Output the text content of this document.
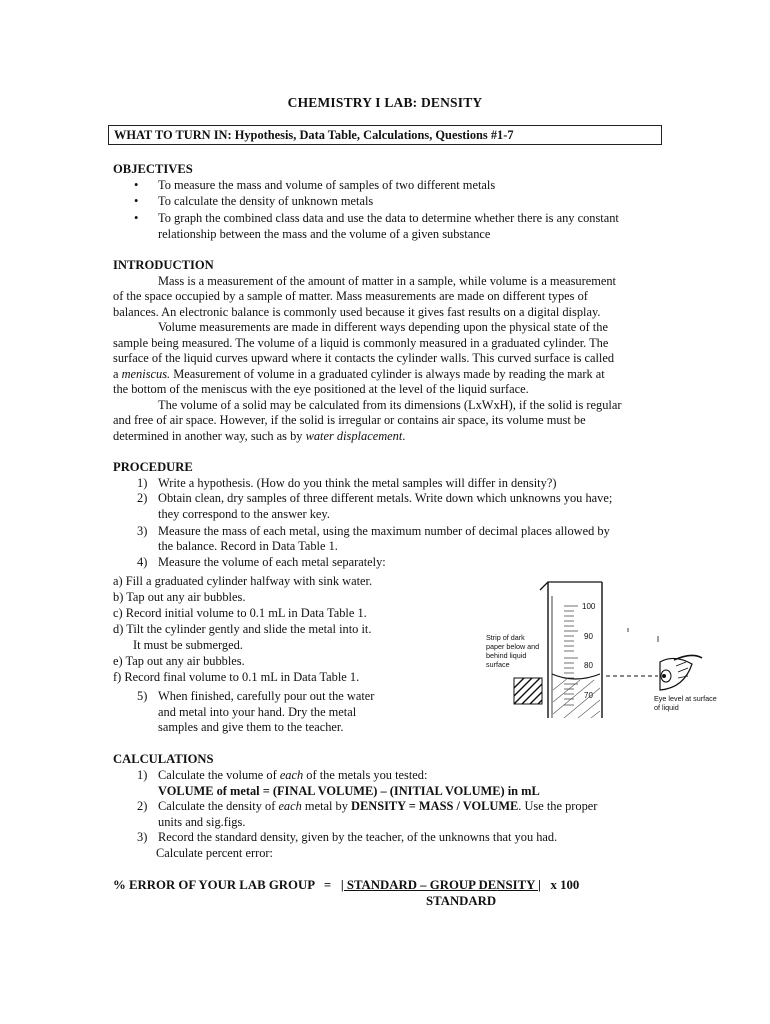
CHEMISTRY I LAB: DENSITY
WHAT TO TURN IN: Hypothesis, Data Table, Calculations, Questions #1-7
OBJECTIVES
• To measure the mass and volume of samples of two different metals
• To calculate the density of unknown metals
• To graph the combined class data and use the data to determine whether there is any constant
relationship between the mass and the volume of a given substance
INTRODUCTION
Mass is a measurement of the amount of matter in a sample, while volume is a measurement
of the space occupied by a sample of matter. Mass measurements are made on different types of
balances. An electronic balance is commonly used because it gives fast results on a digital display.
Volume measurements are made in different ways depending upon the physical state of the
sample being measured. The volume of a liquid is commonly measured in a graduated cylinder. The
surface of the liquid curves upward where it contacts the cylinder walls. This curved surface is called
a meniscus. Measurement of volume in a graduated cylinder is always made by reading the mark at
the bottom of the meniscus with the eye positioned at the level of the liquid surface.
The volume of a solid may be calculated from its dimensions (LxWxH), if the solid is regular
and free of air space. However, if the solid is irregular or contains air space, its volume must be
determined in another way, such as by water displacement.
PROCEDURE
1) Write a hypothesis. (How do you think the metal samples will differ in density?)
2) Obtain clean, dry samples of three different metals. Write down which unknowns you have;
they correspond to the answer key.
3) Measure the mass of each metal, using the maximum number of decimal places allowed by
the balance. Record in Data Table 1.
4) Measure the volume of each metal separately:
a) Fill a graduated cylinder halfway with sink water.
b) Tap out any air bubbles.
c) Record initial volume to 0.1 mL in Data Table 1.
d) Tilt the cylinder gently and slide the metal into it.
It must be submerged.
e) Tap out any air bubbles.
f) Record final volume to 0.1 mL in Data Table 1.
5) When finished, carefully pour out the water
and metal into your hand. Dry the metal
samples and give them to the teacher.
100
90
80
70
Strip of dark
paper below and
behind liquid
surface
Eye level at surface
of liquid
CALCULATIONS
1) Calculate the volume of each of the metals you tested:
VOLUME of metal = (FINAL VOLUME) – (INITIAL VOLUME) in mL
2) Calculate the density of each metal by DENSITY = MASS / VOLUME. Use the proper
units and sig.figs.
3) Record the standard density, given by the teacher, of the unknowns that you had.
Calculate percent error:
% ERROR OF YOUR LAB GROUP   =   | STANDARD – GROUP DENSITY |   x 100
STANDARD
